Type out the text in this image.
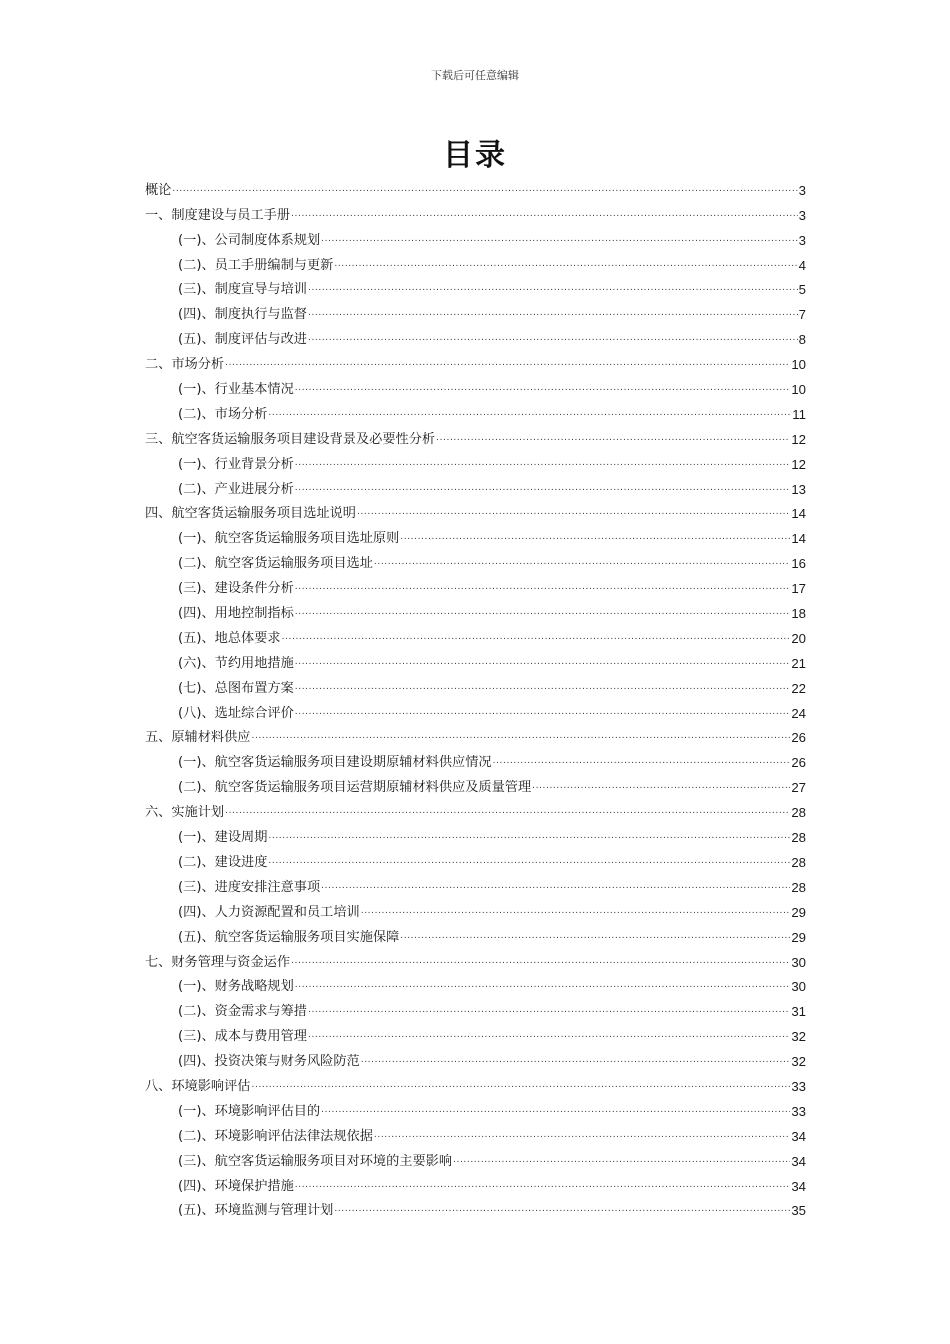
下载后可任意编辑
目录
概论 .....	3
一、制度建设与员工手册 .....	3
(一)、公司制度体系规划 .....	3
(二)、员工手册编制与更新 .....	4
(三)、制度宣导与培训 .....	5
(四)、制度执行与监督 .....	7
(五)、制度评估与改进 .....	8
二、市场分析 .....	10
(一)、行业基本情况 .....	10
(二)、市场分析 .....	11
三、航空客货运输服务项目建设背景及必要性分析 .....	12
(一)、行业背景分析 .....	12
(二)、产业进展分析 .....	13
四、航空客货运输服务项目选址说明 .....	14
(一)、航空客货运输服务项目选址原则 .....	14
(二)、航空客货运输服务项目选址 .....	16
(三)、建设条件分析 .....	17
(四)、用地控制指标 .....	18
(五)、地总体要求 .....	20
(六)、节约用地措施 .....	21
(七)、总图布置方案 .....	22
(八)、选址综合评价 .....	24
五、原辅材料供应 .....	26
(一)、航空客货运输服务项目建设期原辅材料供应情况 .....	26
(二)、航空客货运输服务项目运营期原辅材料供应及质量管理 .....	27
六、实施计划 .....	28
(一)、建设周期 .....	28
(二)、建设进度 .....	28
(三)、进度安排注意事项 .....	28
(四)、人力资源配置和员工培训 .....	29
(五)、航空客货运输服务项目实施保障 .....	29
七、财务管理与资金运作 .....	30
(一)、财务战略规划 .....	30
(二)、资金需求与筹措 .....	31
(三)、成本与费用管理 .....	32
(四)、投资决策与财务风险防范 .....	32
八、环境影响评估 .....	33
(一)、环境影响评估目的 .....	33
(二)、环境影响评估法律法规依据 .....	34
(三)、航空客货运输服务项目对环境的主要影响 .....	34
(四)、环境保护措施 .....	34
(五)、环境监测与管理计划 .....	35
